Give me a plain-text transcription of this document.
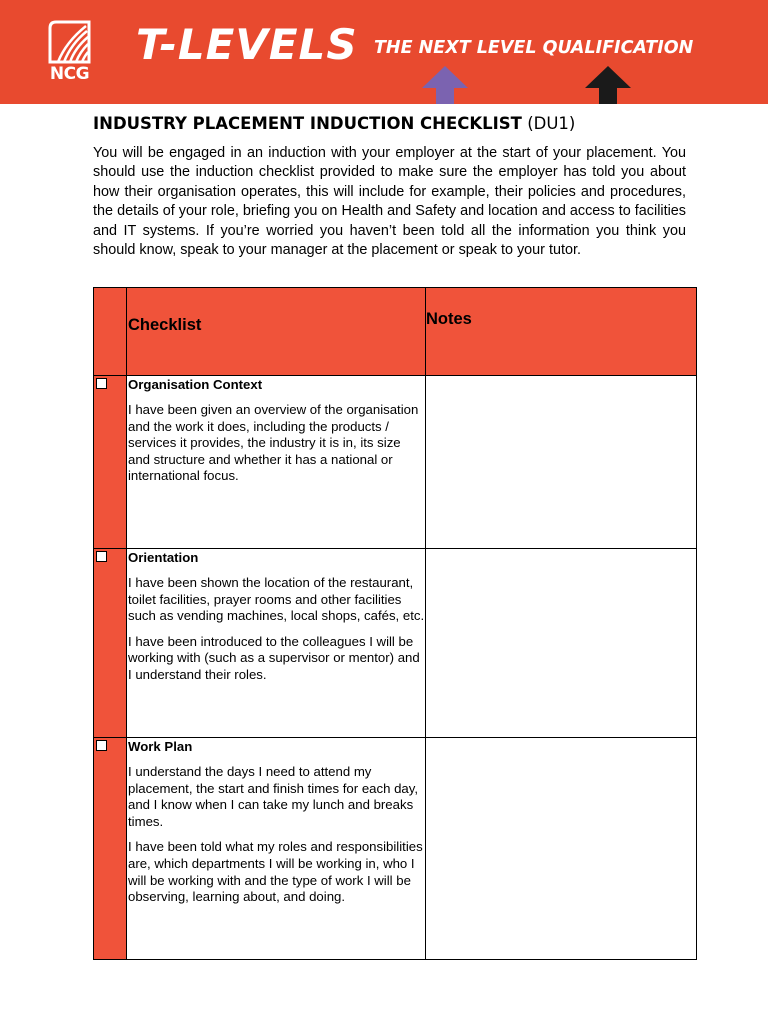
NCG
T-LEVELS THE NEXT LEVEL QUALIFICATION
INDUSTRY PLACEMENT INDUCTION CHECKLIST (DU1)

You will be engaged in an induction with your employer at the start of your placement. You should use the induction checklist provided to make sure the employer has told you about how their organisation operates, this will include for example, their policies and procedures, the details of your role, briefing you on Health and Safety and location and access to facilities and IT systems. If you’re worried you haven’t been told all the information you think you should know, speak to your manager at the placement or speak to your tutor.

	Checklist	Notes

	Organisation Context
I have been given an overview of the organisation and the work it does, including the products / services it provides, the industry it is in, its size and structure and whether it has a national or international focus.	

	Orientation
I have been shown the location of the restaurant, toilet facilities, prayer rooms and other facilities such as vending machines, local shops, cafés, etc.
I have been introduced to the colleagues I will be working with (such as a supervisor or mentor) and I understand their roles.	

	Work Plan
I understand the days I need to attend my placement, the start and finish times for each day, and I know when I can take my lunch and breaks times.
I have been told what my roles and responsibilities are, which departments I will be working in, who I will be working with and the type of work I will be observing, learning about, and doing.	
